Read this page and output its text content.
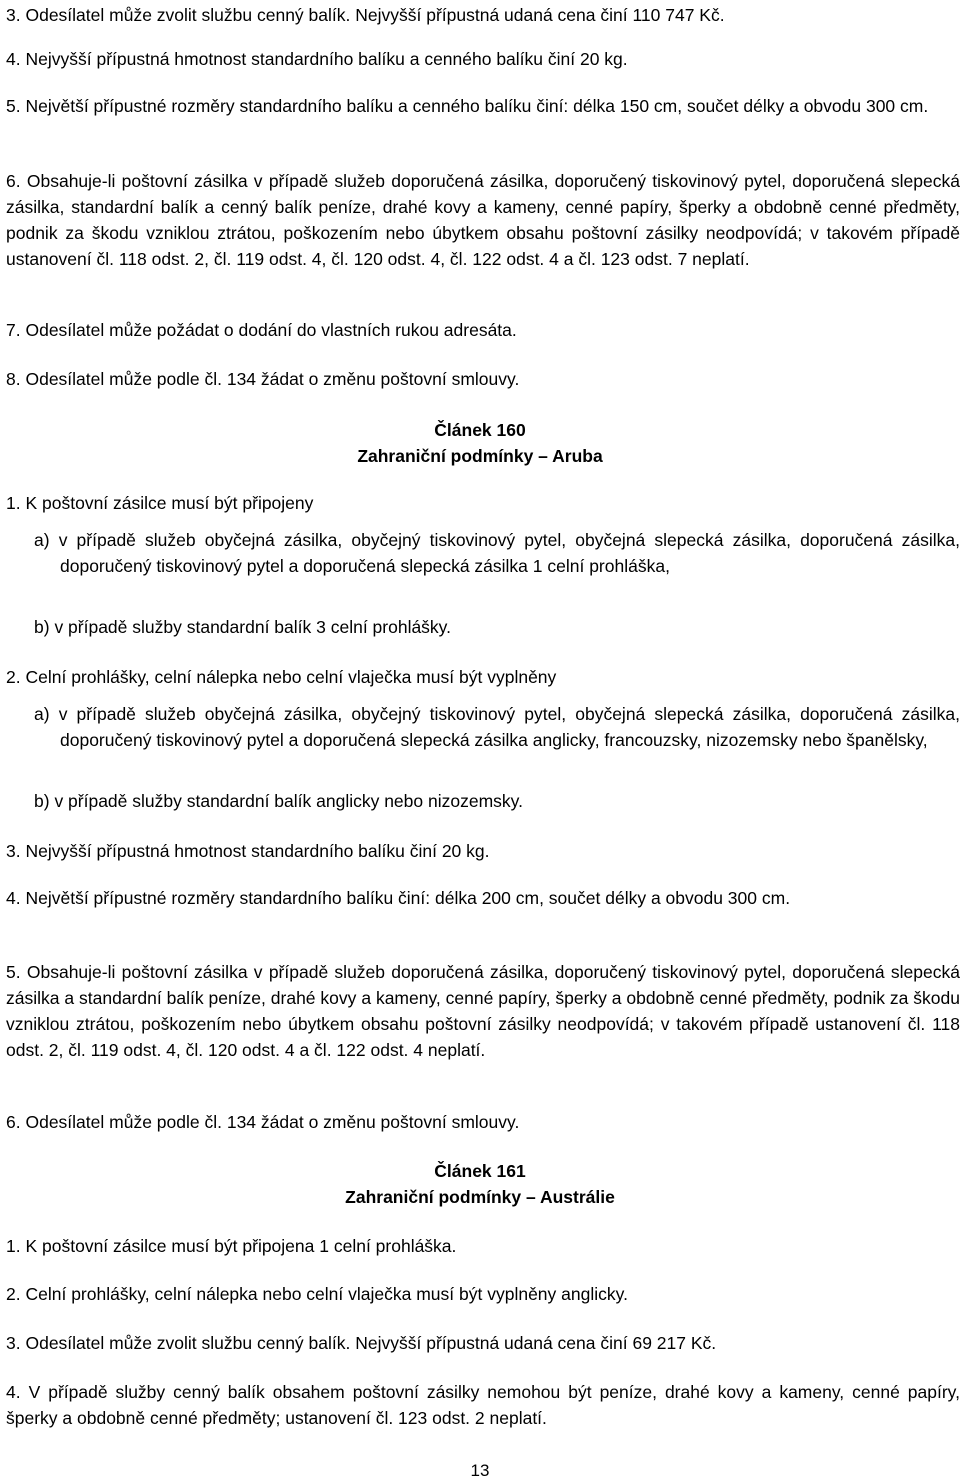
3. Odesílatel může zvolit službu cenný balík. Nejvyšší přípustná udaná cena činí 110 747 Kč.

4. Nejvyšší přípustná hmotnost standardního balíku a cenného balíku činí 20 kg.

5. Největší přípustné rozměry standardního balíku a cenného balíku činí: délka 150 cm, součet délky a obvodu 300 cm.

6. Obsahuje-li poštovní zásilka v případě služeb doporučená zásilka, doporučený tiskovinový pytel, doporučená slepecká zásilka, standardní balík a cenný balík peníze, drahé kovy a kameny, cenné papíry, šperky a obdobně cenné předměty, podnik za škodu vzniklou ztrátou, poškozením nebo úbytkem obsahu poštovní zásilky neodpovídá; v takovém případě ustanovení čl. 118 odst. 2, čl. 119 odst. 4, čl. 120 odst. 4, čl. 122 odst. 4 a čl. 123 odst. 7 neplatí.

7. Odesílatel může požádat o dodání do vlastních rukou adresáta.

8. Odesílatel může podle čl. 134 žádat o změnu poštovní smlouvy.

Článek 160
Zahraniční podmínky – Aruba

1. K poštovní zásilce musí být připojeny

a) v případě služeb obyčejná zásilka, obyčejný tiskovinový pytel, obyčejná slepecká zásilka, doporučená zásilka, doporučený tiskovinový pytel a doporučená slepecká zásilka 1 celní prohláška,

b) v případě služby standardní balík 3 celní prohlášky.

2. Celní prohlášky, celní nálepka nebo celní vlaječka musí být vyplněny

a) v případě služeb obyčejná zásilka, obyčejný tiskovinový pytel, obyčejná slepecká zásilka, doporučená zásilka, doporučený tiskovinový pytel a doporučená slepecká zásilka anglicky, francouzsky, nizozemsky nebo španělsky,

b) v případě služby standardní balík anglicky nebo nizozemsky.

3. Nejvyšší přípustná hmotnost standardního balíku činí 20 kg.

4. Největší přípustné rozměry standardního balíku činí: délka 200 cm, součet délky a obvodu 300 cm.

5. Obsahuje-li poštovní zásilka v případě služeb doporučená zásilka, doporučený tiskovinový pytel, doporučená slepecká zásilka a standardní balík peníze, drahé kovy a kameny, cenné papíry, šperky a obdobně cenné předměty, podnik za škodu vzniklou ztrátou, poškozením nebo úbytkem obsahu poštovní zásilky neodpovídá; v takovém případě ustanovení čl. 118 odst. 2, čl. 119 odst. 4, čl. 120 odst. 4 a čl. 122 odst. 4 neplatí.

6. Odesílatel může podle čl. 134 žádat o změnu poštovní smlouvy.

Článek 161
Zahraniční podmínky – Austrálie

1. K poštovní zásilce musí být připojena 1 celní prohláška.

2. Celní prohlášky, celní nálepka nebo celní vlaječka musí být vyplněny anglicky.

3. Odesílatel může zvolit službu cenný balík. Nejvyšší přípustná udaná cena činí 69 217 Kč.

4. V případě služby cenný balík obsahem poštovní zásilky nemohou být peníze, drahé kovy a kameny, cenné papíry, šperky a obdobně cenné předměty; ustanovení čl. 123 odst. 2 neplatí.

13
